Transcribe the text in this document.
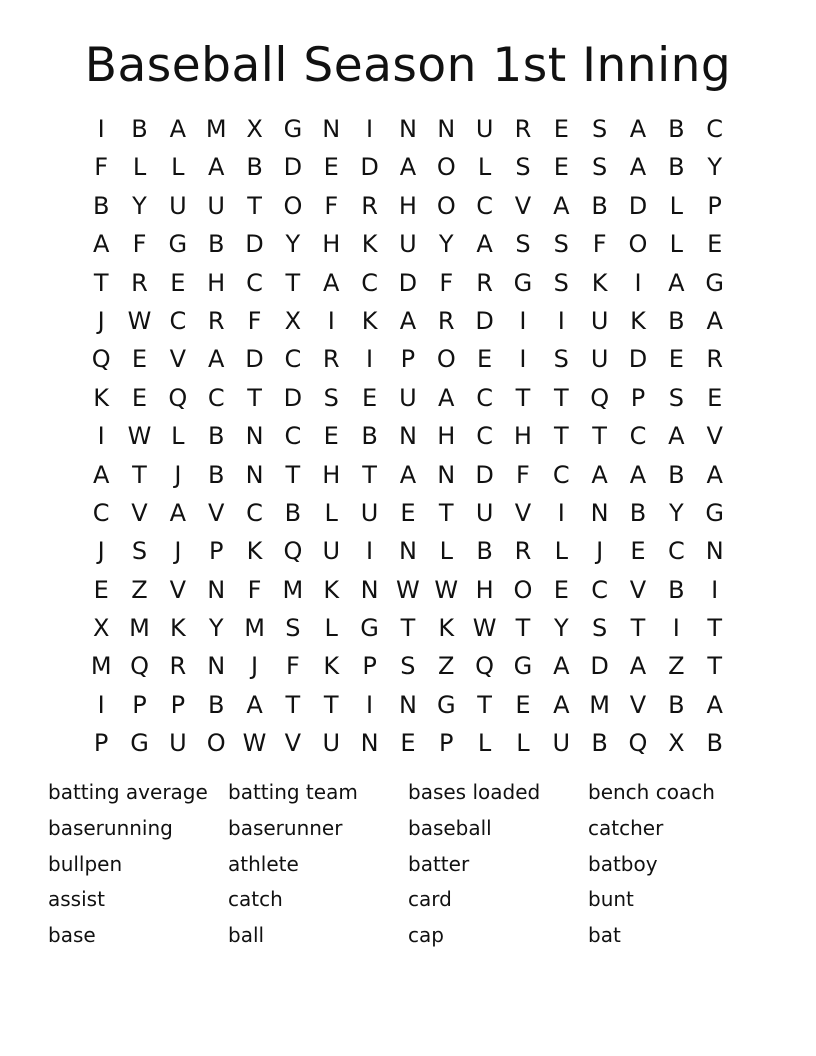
Baseball Season 1st Inning
I	B A M X G N	I	N N U R E S A B C
F	L	L A B D E D A O L	S E S A B Y
B Y U U T O F R H O C V A B D L	P
A F G B D Y H K U Y A S S F O L	E
T R E H C T A C D F R G S K	I	A G
J W C R F X	I	K A R D	I	I	U K B A
Q E V A D C R	I	P O E	I	S U D E R
K E Q C T D S E U A C T T Q P S E
I W L B N C E B N H C H T T C A V
A T	J	B N T H T A N D F C A A B A
C V A V C B L U E T U V	I	N B Y G
J	S	J	P K Q U	I	N L B R L	J	E C N
E Z V N F M K N W W H O E C V B	I
X M K Y M S	L G T K W T Y S T	I	T
M Q R N	J	F K P S Z Q G A D A Z T
I	P P B A T T	I	N G T E A M V B A
P G U O W V U N E P	L	L U B Q X B
batting average	batting team	bases loaded	bench coach
baserunning	baserunner	baseball	catcher
bullpen	athlete	batter	batboy
assist	catch	card	bunt
base	ball	cap	bat
